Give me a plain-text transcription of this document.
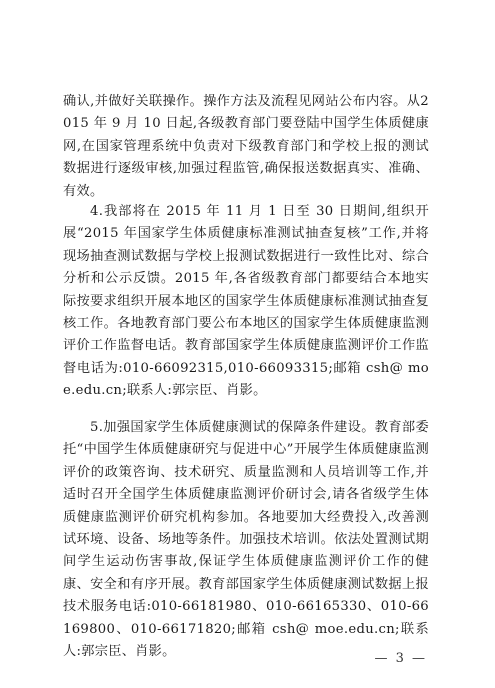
确认,并做好关联操作。操作方法及流程见网站公布内容。从2015 年 9 月 10 日起,各级教育部门要登陆中国学生体质健康网,在国家管理系统中负责对下级教育部门和学校上报的测试数据进行逐级审核,加强过程监管,确保报送数据真实、准确、有效。

4.我部将在 2015 年 11 月 1 日至 30 日期间,组织开展“2015 年国家学生体质健康标准测试抽查复核”工作,并将现场抽查测试数据与学校上报测试数据进行一致性比对、综合分析和公示反馈。2015 年,各省级教育部门都要结合本地实际按要求组织开展本地区的国家学生体质健康标准测试抽查复核工作。各地教育部门要公布本地区的国家学生体质健康监测评价工作监督电话。教育部国家学生体质健康监测评价工作监督电话为:010-66092315,010-66093315;邮箱 csh@ moe.edu.cn;联系人:郭宗臣、肖影。

5.加强国家学生体质健康测试的保障条件建设。教育部委托“中国学生体质健康研究与促进中心”开展学生体质健康监测评价的政策咨询、技术研究、质量监测和人员培训等工作,并适时召开全国学生体质健康监测评价研讨会,请各省级学生体质健康监测评价研究机构参加。各地要加大经费投入,改善测试环境、设备、场地等条件。加强技术培训。依法处置测试期间学生运动伤害事故,保证学生体质健康监测评价工作的健康、安全和有序开展。教育部国家学生体质健康测试数据上报技术服务电话:010-66181980、010-66165330、010-66169800、010-66171820;邮箱 csh@ moe.edu.cn;联系人:郭宗臣、肖影。	— 3 —
